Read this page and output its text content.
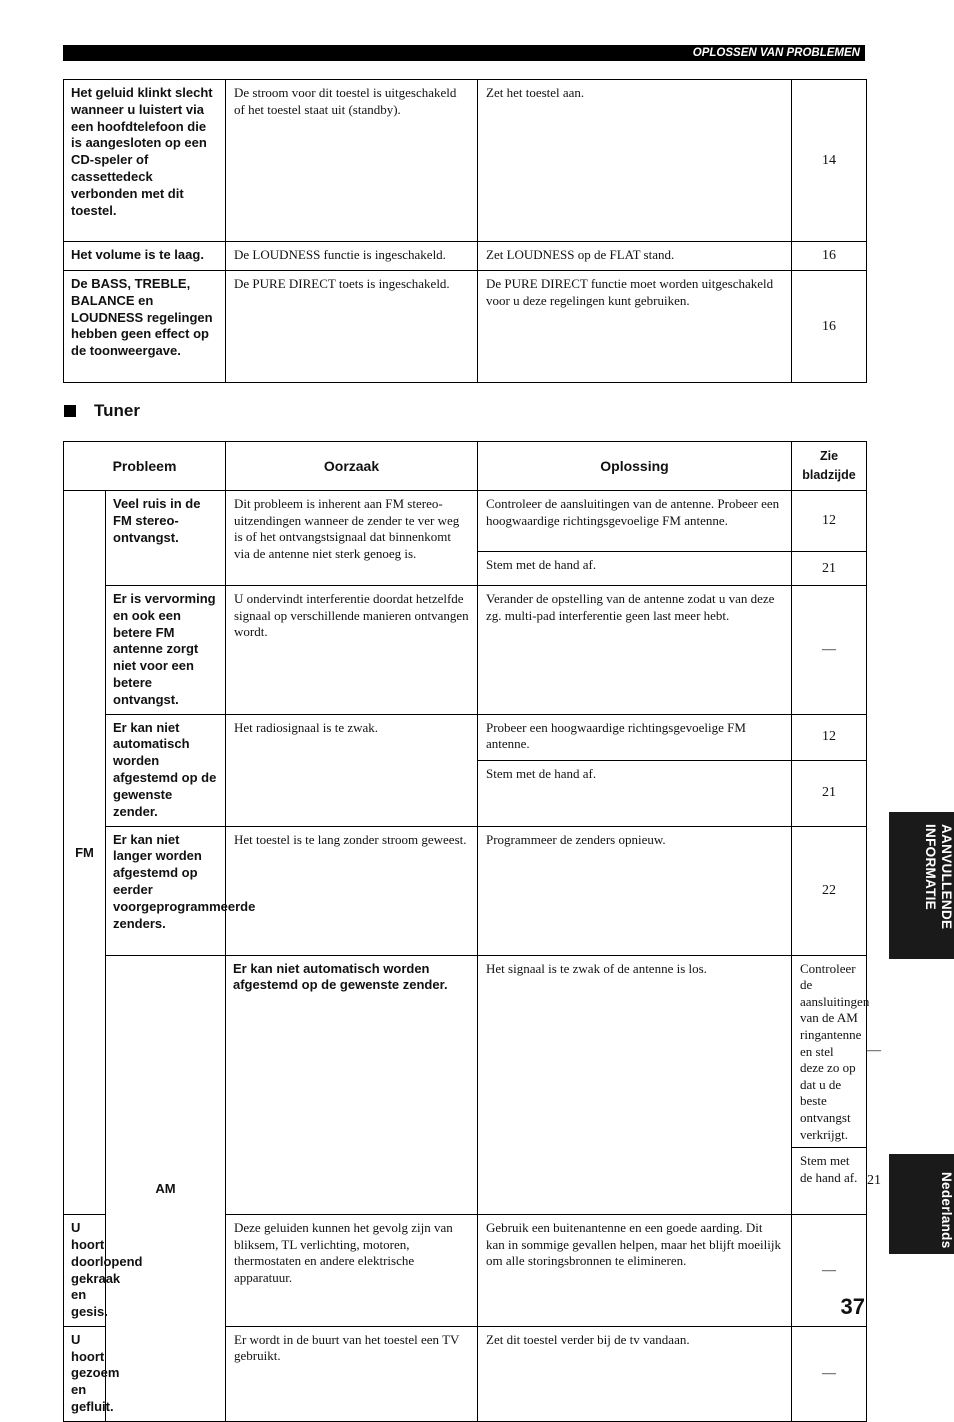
OPLOSSEN VAN PROBLEMEN
Het geluid klinkt slecht wanneer u luistert via een hoofdtelefoon die is aangesloten op een CD-speler of cassettedeck verbonden met dit toestel.	De stroom voor dit toestel is uitgeschakeld of het toestel staat uit (standby).	Zet het toestel aan.	14
Het volume is te laag.	De LOUDNESS functie is ingeschakeld.	Zet LOUDNESS op de FLAT stand.	16
De BASS, TREBLE, BALANCE en LOUDNESS regelingen hebben geen effect op de toonweergave.	De PURE DIRECT toets is ingeschakeld.	De PURE DIRECT functie moet worden uitgeschakeld voor u deze regelingen kunt gebruiken.	16
Tuner
Probleem		Oorzaak	Oplossing	Zie
bladzijde	
FM	Veel ruis in de FM stereo-ontvangst.	Dit probleem is inherent aan FM stereo-uitzendingen wanneer de zender te ver weg is of het ontvangstsignaal dat binnenkomt via de antenne niet sterk genoeg is.	Controleer de aansluitingen van de antenne. Probeer een hoogwaardige richtingsgevoelige FM antenne.	12	
			Stem met de hand af.	21	
	Er is vervorming en ook een betere FM antenne zorgt niet voor een betere ontvangst.	U ondervindt interferentie doordat hetzelfde signaal op verschillende manieren ontvangen wordt.	Verander de opstelling van de antenne zodat u van deze zg. multi-pad interferentie geen last meer hebt.	—	
	Er kan niet automatisch worden afgestemd op de gewenste zender.	Het radiosignaal is te zwak.	Probeer een hoogwaardige richtingsgevoelige FM antenne.	12	
			Stem met de hand af.	21	
	Er kan niet langer worden afgestemd op eerder voorgeprogrammeerde zenders.	Het toestel is te lang zonder stroom geweest.	Programmeer de zenders opnieuw.	22	
	AM	Er kan niet automatisch worden afgestemd op de gewenste zender.	Het signaal is te zwak of de antenne is los.	Controleer de aansluitingen van de AM ringantenne en stel deze zo op dat u de beste ontvangst verkrijgt.	—
				Stem met de hand af.	21
U hoort doorlopend gekraak en gesis.		Deze geluiden kunnen het gevolg zijn van bliksem, TL verlichting, motoren, thermostaten en andere elektrische apparatuur.	Gebruik een buitenantenne en een goede aarding. Dit kan in sommige gevallen helpen, maar het blijft moeilijk om alle storingsbronnen te elimineren.	—	
U hoort gezoem en gefluit.		Er wordt in de buurt van het toestel een TV gebruikt.	Zet dit toestel verder bij de tv vandaan.	—	
AANVULLENDE INFORMATIE
Nederlands
37
